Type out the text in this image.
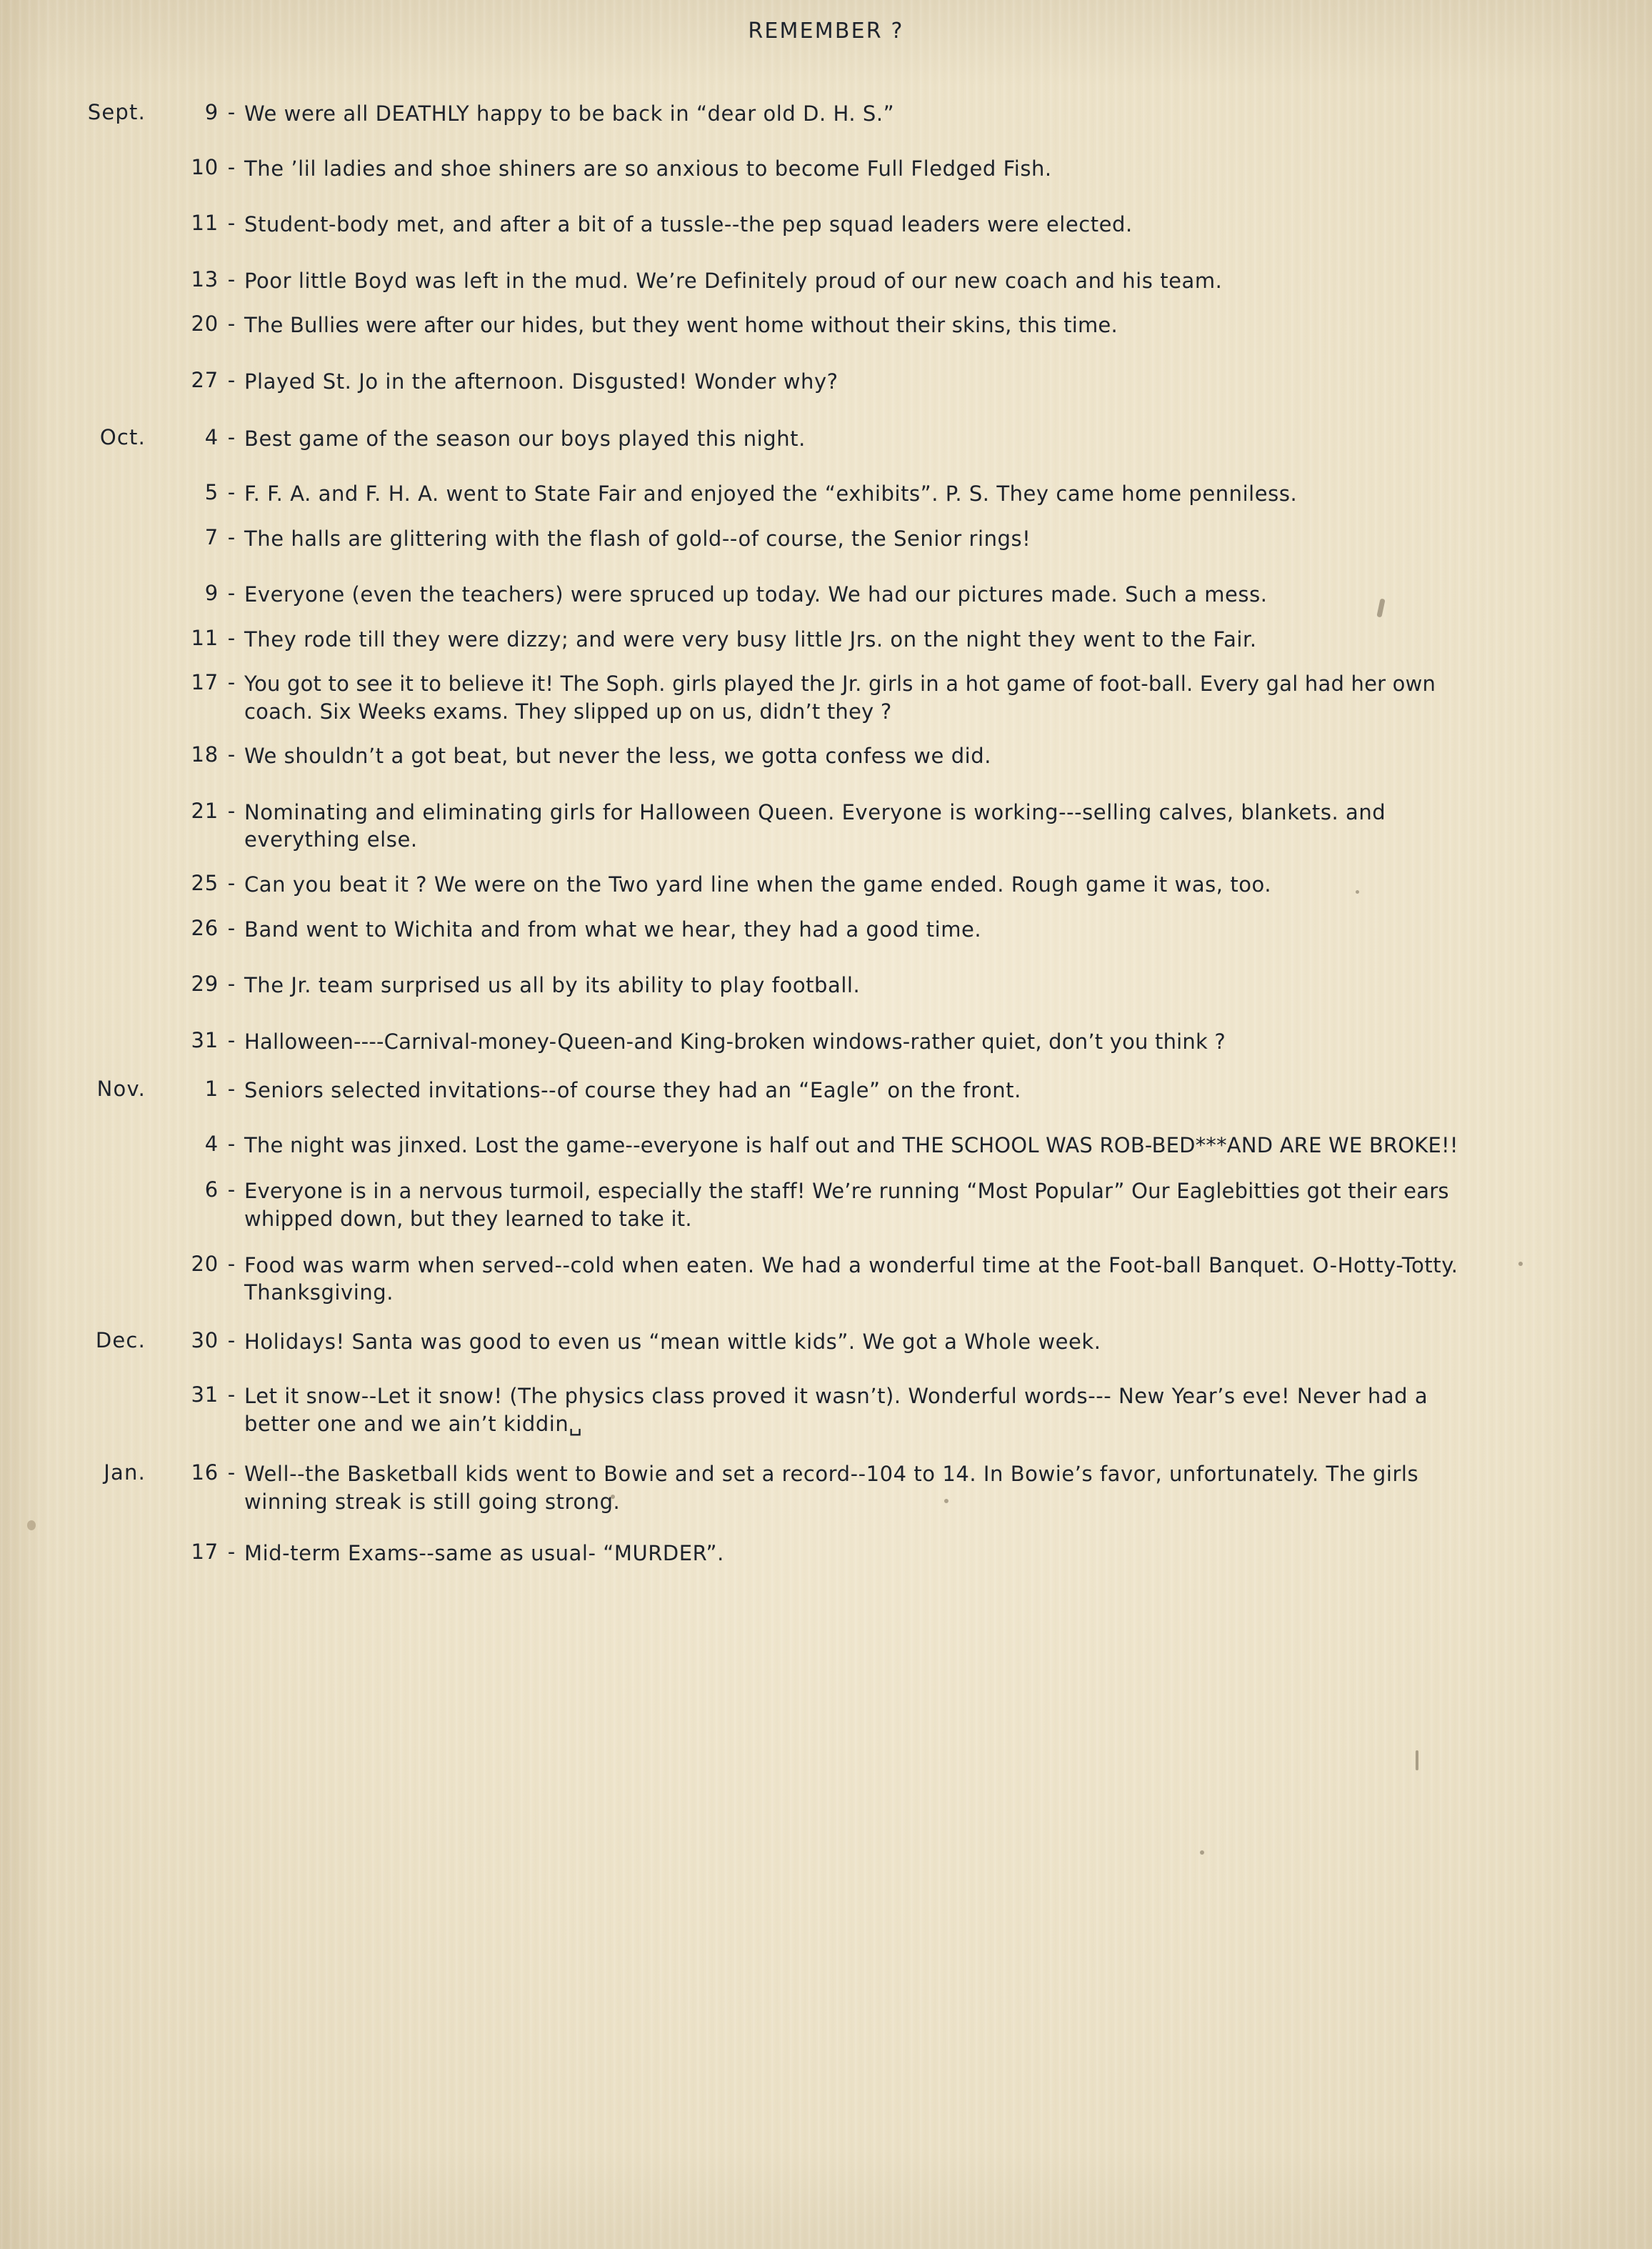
REMEMBER ?
Sept.	9 - We were all DEATHLY happy to be back in “dear old D. H. S.”
10 - The ’lil ladies and shoe shiners are so anxious to become Full Fledged Fish.
11 - Student-body met, and after a bit of a tussle--the pep squad leaders were elected.
13 - Poor little Boyd was left in the mud. We’re Definitely proud of our new coach and his team.
20 - The Bullies were after our hides, but they went home without their skins, this time.
27 - Played St. Jo in the afternoon. Disgusted! Wonder why?
Oct.	4 - Best game of the season our boys played this night.
5 - F. F. A. and F. H. A. went to State Fair and enjoyed the “exhibits”. P. S. They came home penniless.
7 - The halls are glittering with the flash of gold--of course, the Senior rings!
9 - Everyone (even the teachers) were spruced up today. We had our pictures made. Such a mess.
11 - They rode till they were dizzy; and were very busy little Jrs. on the night they went to the Fair.
17 - You got to see it to believe it! The Soph. girls played the Jr. girls in a hot game of foot-ball. Every gal had her own coach. Six Weeks exams. They slipped up on us, didn’t they ?
18 - We shouldn’t a got beat, but never the less, we gotta confess we did.
21 - Nominating and eliminating girls for Halloween Queen. Everyone is working---selling calves, blankets. and everything else.
25 - Can you beat it ? We were on the Two yard line when the game ended. Rough game it was, too.
26 - Band went to Wichita and from what we hear, they had a good time.
29 - The Jr. team surprised us all by its ability to play football.
31 - Halloween----Carnival-money-Queen-and King-broken windows-rather quiet, don’t you think ?
Nov.	1 - Seniors selected invitations--of course they had an “Eagle” on the front.
4 - The night was jinxed. Lost the game--everyone is half out and THE SCHOOL WAS ROB-BED***AND ARE WE BROKE!!
6 - Everyone is in a nervous turmoil, especially the staff! We’re running “Most Popular” Our Eaglebitties got their ears whipped down, but they learned to take it.
20 - Food was warm when served--cold when eaten. We had a wonderful time at the Foot-ball Banquet. O-Hotty-Totty. Thanksgiving.
Dec.	30 - Holidays! Santa was good to even us “mean wittle kids”. We got a Whole week.
31 - Let it snow--Let it snow! (The physics class proved it wasn’t). Wonderful words--- New Year’s eve! Never had a better one and we ain’t kiddin␣
Jan.	16 - Well--the Basketball kids went to Bowie and set a record--104 to 14. In Bowie’s favor, unfortunately. The girls winning streak is still going strong.
17 - Mid-term Exams--same as usual- “MURDER”.
